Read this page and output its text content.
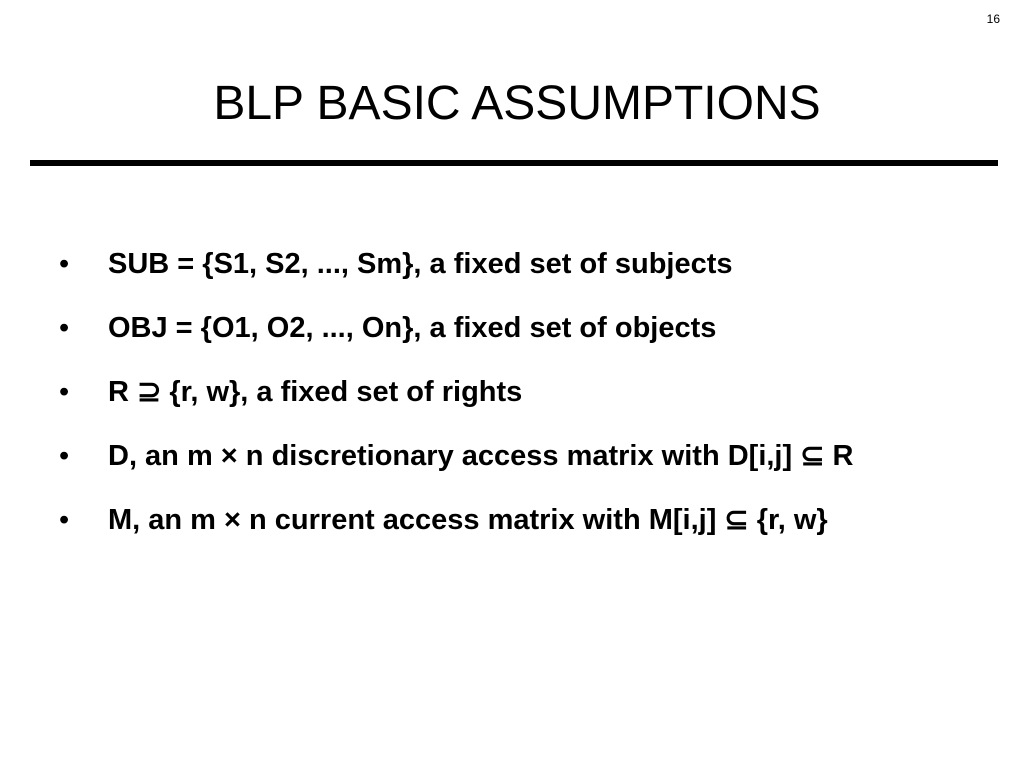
16
BLP BASIC ASSUMPTIONS
• SUB = {S1, S2, ..., Sm}, a fixed set of subjects
• OBJ = {O1, O2, ..., On}, a fixed set of objects
• R ⊇ {r, w}, a fixed set of rights
• D, an m × n discretionary access matrix with D[i,j] ⊆ R
• M, an m × n current access matrix with M[i,j] ⊆ {r, w}
